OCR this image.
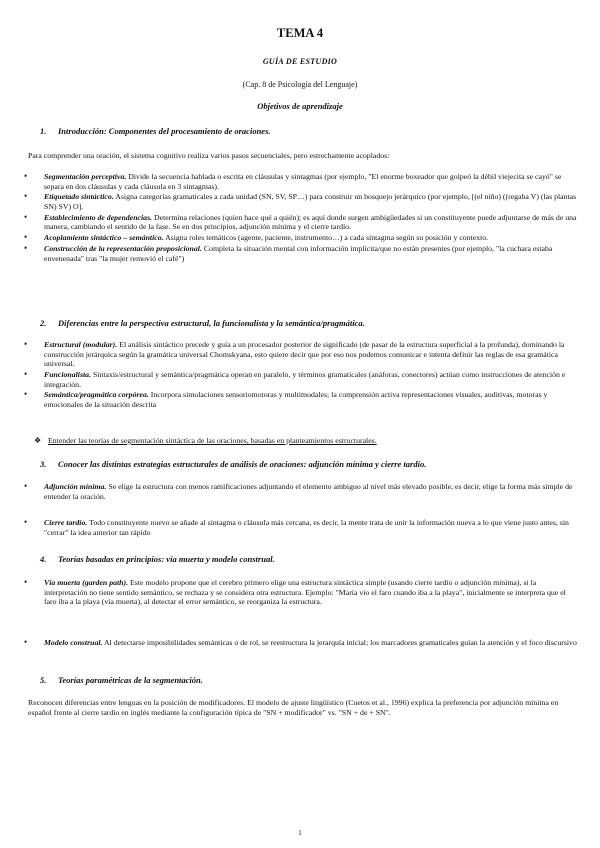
TEMA 4
GUÍA DE ESTUDIO
(Cap. 8 de Psicología del Lenguaje)
Objetivos de aprendizaje
1. Introducción: Componentes del procesamiento de oraciones.
Para comprender una oración, el sistema cognitivo realiza varios pasos secuenciales, pero estrechamente acoplados:
• Segmentación perceptiva. Divide la secuencia hablada o escrita en cláusulas y sintagmas (por ejemplo, "El enorme boxeador que golpeó la débil viejecita se cayó" se separa en dos cláusulas y cada cláusula en 3 sintagmas).
• Etiquetado sintáctico. Asigna categorías gramaticales a cada unidad (SN, SV, SP…) para construir un bosquejo jerárquico (por ejemplo, [(el niño) ((regaba V) (las plantas SN) SV) O].
• Establecimiento de dependencias. Determina relaciones (quien hace qué a quién); es aquí donde surgen ambigüedades si un constituyente puede adjuntarse de más de una manera, cambiando el sentido de la fase. Se en dos principios, adjunción mínima y el cierre tardío.
• Acoplamiento sintáctico – semántico. Asigna roles temáticos (agente, paciente, instrumento…) a cada sintagma según su posición y contexto.
• Construcción de la representación proposicional. Completa la situación mental con información implícita/que no están presentes (por ejemplo, "la cuchara estaba envenenada" tras "la mujer removió el café")
2. Diferencias entre la perspectiva estructural, la funcionalista y la semántica/pragmática.
• Estructural (modular). El análisis sintáctico precede y guía a un procesador posterior de significado (de pasar de la estructura superficial a la profunda), dominando la construcción jerárquica según la gramática universal Chomskyana, esto quiere decir que por eso nos podemos comunicar e intenta definir las reglas de esa gramática universal.
• Funcionalista. Sintaxis/estructural y semántica/pragmática operan en paralelo, y términos gramaticales (anáforas, conectores) actúan como instrucciones de atención e integración.
• Semántica/pragmática corpórea. Incorpora simulaciones sensoriomotoras y multimodales; la comprensión activa representaciones visuales, auditivas, motoras y emocionales de la situación descrita
❖ Entender las teorías de segmentación sintáctica de las oraciones, basadas en planteamientos estructurales.
3. Conocer las distintas estrategias estructurales de análisis de oraciones: adjunción mínima y cierre tardío.
• Adjunción mínima. Se elige la estructura con menos ramificaciones adjuntando el elemento ambiguo al nivel más elevado posible, es decir, elige la forma más simple de entender la oración.
• Cierre tardío. Todo constituyente nuevo se añade al sintagma o cláusula más cercana, es decir, la mente trata de unir la información nueva a lo que viene justo antes, sin "cerrar" la idea anterior tan rápido
4. Teorías basadas en principios: vía muerta y modelo construal.
• Vía muerta (garden path). Este modelo propone que el cerebro primero elige una estructura sintáctica simple (usando cierre tardío o adjunción mínima), si la interpretación no tiene sentido semántico, se rechaza y se considera otra estructura. Ejemplo: "María vio el faro cuando iba a la playa", inicialmente se interpreta que el faro iba a la playa (vía muerta), al detectar el error semántico, se reorganiza la estructura.
• Modelo construal. Al detectarse imposibilidades semánticas o de rol, se reestructura la jerarquía inicial; los marcadores gramaticales guían la atención y el foco discursivo
5. Teorías paramétricas de la segmentación.
Reconocen diferencias entre lenguas en la posición de modificadores. El modelo de ajuste lingüístico (Cuetos et al., 1996) explica la preferencia por adjunción mínima en español frente al cierre tardío en inglés mediante la configuración típica de "SN + modificador" vs. "SN + de + SN".
1
